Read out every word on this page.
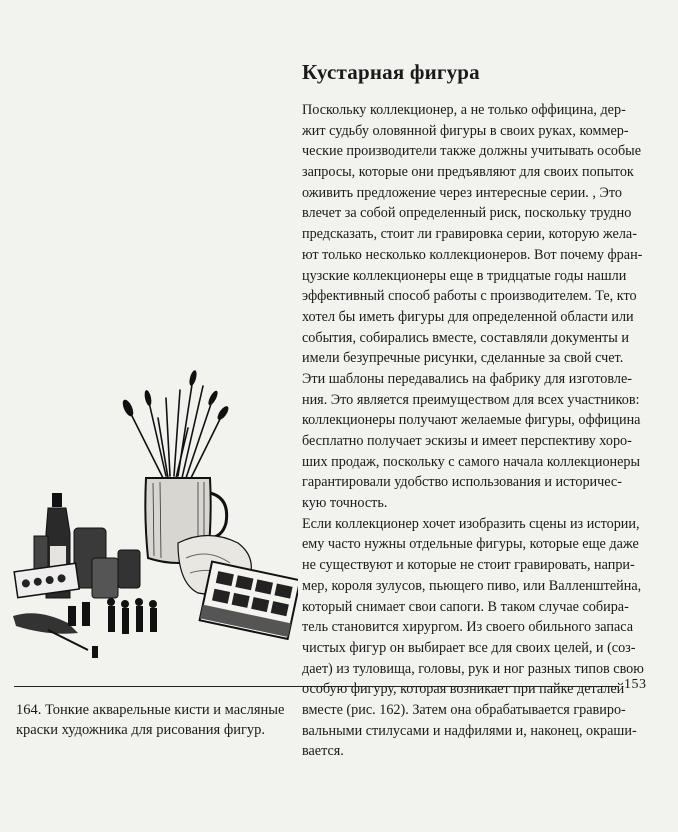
Кустарная фигура
Поскольку коллекционер, а не только оффицина, дер-
жит судьбу оловянной фигуры в своих руках, коммер-
ческие производители также должны учитывать особые
запросы, которые они предъявляют для своих попыток
оживить предложение через интересные серии. , Это
влечет за собой определенный риск, поскольку трудно
предсказать, стоит ли гравировка серии, которую жела-
ют только несколько коллекционеров. Вот почему фран-
цузские коллекционеры еще в тридцатые годы нашли
эффективный способ работы с производителем. Те, кто
хотел бы иметь фигуры для определенной области или
события, собирались вместе, составляли документы и
имели безупречные рисунки, сделанные за свой счет.
Эти шаблоны передавались на фабрику для изготовле-
ния. Это является преимуществом для всех участников:
коллекционеры получают желаемые фигуры, оффицина
бесплатно получает эскизы и имеет перспективу хоро-
ших продаж, поскольку с самого начала коллекционеры
гарантировали удобство использования и историчес-
кую точность.
Если коллекционер хочет изобразить сцены из истории,
ему часто нужны отдельные фигуры, которые еще даже
не существуют и которые не стоит гравировать, напри-
мер, короля зулусов, пьющего пиво, или Валленштейна,
который снимает свои сапоги. В таком случае собира-
тель становится хирургом. Из своего обильного запаса
чистых фигур он выбирает все для своих целей, и (соз-
дает) из туловища, головы, рук и ног разных типов свою
особую фигуру, которая возникает при пайке деталей
вместе (рис. 162). Затем она обрабатывается гравиро-
вальными стилусами и надфилями и, наконец, окраши-
вается.
153
164. Тонкие акварельные кисти и масляные
краски художника для рисования фигур.
